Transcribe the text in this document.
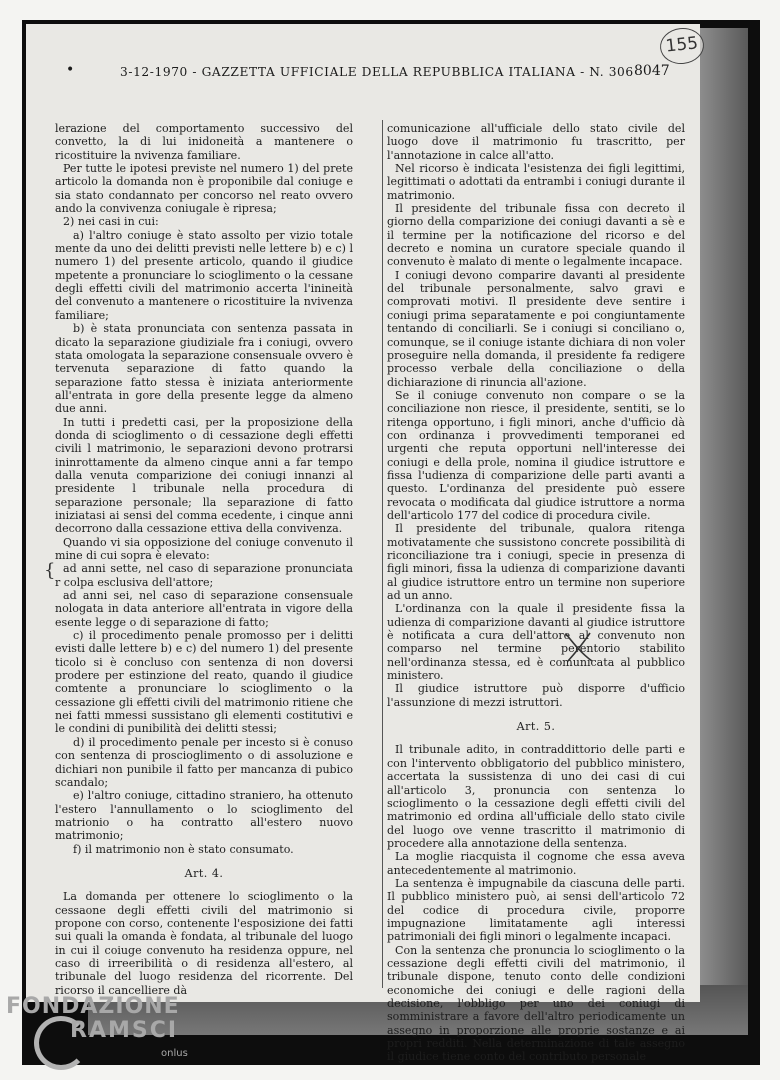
•	3-12-1970 - GAZZETTA UFFICIALE DELLA REPUBBLICA ITALIANA - N. 306 8047

lerazione del comportamento successivo del convetto, la di lui inidoneità a mantenere o ricostituire la nvivenza familiare.

Per tutte le ipotesi previste nel numero 1) del prete articolo la domanda non è proponibile dal coniuge e sia stato condannato per concorso nel reato ovvero ando la convivenza coniugale è ripresa;

2) nei casi in cui:

a) l'altro coniuge è stato assolto per vizio totale mente da uno dei delitti previsti nelle lettere b) e c) l numero 1) del presente articolo, quando il giudice mpetente a pronunciare lo scioglimento o la cessane degli effetti civili del matrimonio accerta l'inineità del convenuto a mantenere o ricostituire la nvivenza familiare;

b) è stata pronunciata con sentenza passata in dicato la separazione giudiziale fra i coniugi, ovvero stata omologata la separazione consensuale ovvero è tervenuta separazione di fatto quando la separazione fatto stessa è iniziata anteriormente all'entrata in gore della presente legge da almeno due anni.

In tutti i predetti casi, per la proposizione della donda di scioglimento o di cessazione degli effetti civili l matrimonio, le separazioni devono protrarsi ininrottamente da almeno cinque anni a far tempo dalla venuta comparizione dei coniugi innanzi al presidente l tribunale nella procedura di separazione personale; lla separazione di fatto iniziatasi ai sensi del comma ecedente, i cinque anni decorrono dalla cessazione ettiva della convivenza.

Quando vi sia opposizione del coniuge convenuto il mine di cui sopra è elevato:

ad anni sette, nel caso di separazione pronunciata r colpa esclusiva dell'attore;

ad anni sei, nel caso di separazione consensuale nologata in data anteriore all'entrata in vigore della esente legge o di separazione di fatto;

c) il procedimento penale promosso per i delitti evisti dalle lettere b) e c) del numero 1) del presente ticolo si è concluso con sentenza di non doversi prodere per estinzione del reato, quando il giudice comtente a pronunciare lo scioglimento o la cessazione gli effetti civili del matrimonio ritiene che nei fatti mmessi sussistano gli elementi costitutivi e le condini di punibilità dei delitti stessi;

d) il procedimento penale per incesto si è conuso con sentenza di proscioglimento o di assoluzione e dichiari non punibile il fatto per mancanza di pubico scandalo;

e) l'altro coniuge, cittadino straniero, ha ottenuto l'estero l'annullamento o lo scioglimento del matrionio o ha contratto all'estero nuovo matrimonio;

f) il matrimonio non è stato consumato.

Art. 4.

La domanda per ottenere lo scioglimento o la cessaone degli effetti civili del matrimonio si propone con corso, contenente l'esposizione dei fatti sui quali la omanda è fondata, al tribunale del luogo in cui il coiuge convenuto ha residenza oppure, nel caso di irreeribilità o di residenza all'estero, al tribunale del luogo residenza del ricorrente. Del ricorso il cancelliere dà

comunicazione all'ufficiale dello stato civile del luogo dove il matrimonio fu trascritto, per l'annotazione in calce all'atto.

Nel ricorso è indicata l'esistenza dei figli legittimi, legittimati o adottati da entrambi i coniugi durante il matrimonio.

Il presidente del tribunale fissa con decreto il giorno della comparizione dei coniugi davanti a sè e il termine per la notificazione del ricorso e del decreto e nomina un curatore speciale quando il convenuto è malato di mente o legalmente incapace.

I coniugi devono comparire davanti al presidente del tribunale personalmente, salvo gravi e comprovati motivi. Il presidente deve sentire i coniugi prima separatamente e poi congiuntamente tentando di conciliarli. Se i coniugi si conciliano o, comunque, se il coniuge istante dichiara di non voler proseguire nella domanda, il presidente fa redigere processo verbale della conciliazione o della dichiarazione di rinuncia all'azione.

Se il coniuge convenuto non compare o se la conciliazione non riesce, il presidente, sentiti, se lo ritenga opportuno, i figli minori, anche d'ufficio dà con ordinanza i provvedimenti temporanei ed urgenti che reputa opportuni nell'interesse dei coniugi e della prole, nomina il giudice istruttore e fissa l'udienza di comparizione delle parti avanti a questo. L'ordinanza del presidente può essere revocata o modificata dal giudice istruttore a norma dell'articolo 177 del codice di procedura civile.

Il presidente del tribunale, qualora ritenga motivatamente che sussistono concrete possibilità di riconciliazione tra i coniugi, specie in presenza di figli minori, fissa la udienza di comparizione davanti al giudice istruttore entro un termine non superiore ad un anno.

L'ordinanza con la quale il presidente fissa la udienza di comparizione davanti al giudice istruttore è notificata a cura dell'attore al convenuto non comparso nel termine perentorio stabilito nell'ordinanza stessa, ed è comunicata al pubblico ministero.

Il giudice istruttore può disporre d'ufficio l'assunzione di mezzi istruttori.

Art. 5.

Il tribunale adito, in contraddittorio delle parti e con l'intervento obbligatorio del pubblico ministero, accertata la sussistenza di uno dei casi di cui all'articolo 3, pronuncia con sentenza lo scioglimento o la cessazione degli effetti civili del matrimonio ed ordina all'ufficiale dello stato civile del luogo ove venne trascritto il matrimonio di procedere alla annotazione della sentenza.

La moglie riacquista il cognome che essa aveva antecedentemente al matrimonio.

La sentenza è impugnabile da ciascuna delle parti. Il pubblico ministero può, ai sensi dell'articolo 72 del codice di procedura civile, proporre impugnazione limitatamente agli interessi patrimoniali dei figli minori o legalmente incapaci.

Con la sentenza che pronuncia lo scioglimento o la cessazione degli effetti civili del matrimonio, il tribunale dispone, tenuto conto delle condizioni economiche dei coniugi e delle ragioni della decisione, l'obbligo per uno dei coniugi di somministrare a favore dell'altro periodicamente un assegno in proporzione alle proprie sostanze e ai propri redditi. Nella determinazione di tale assegno il giudice tiene conto del contributo personale

155
{
FONDAZIONE
RAMSCI
onlus
